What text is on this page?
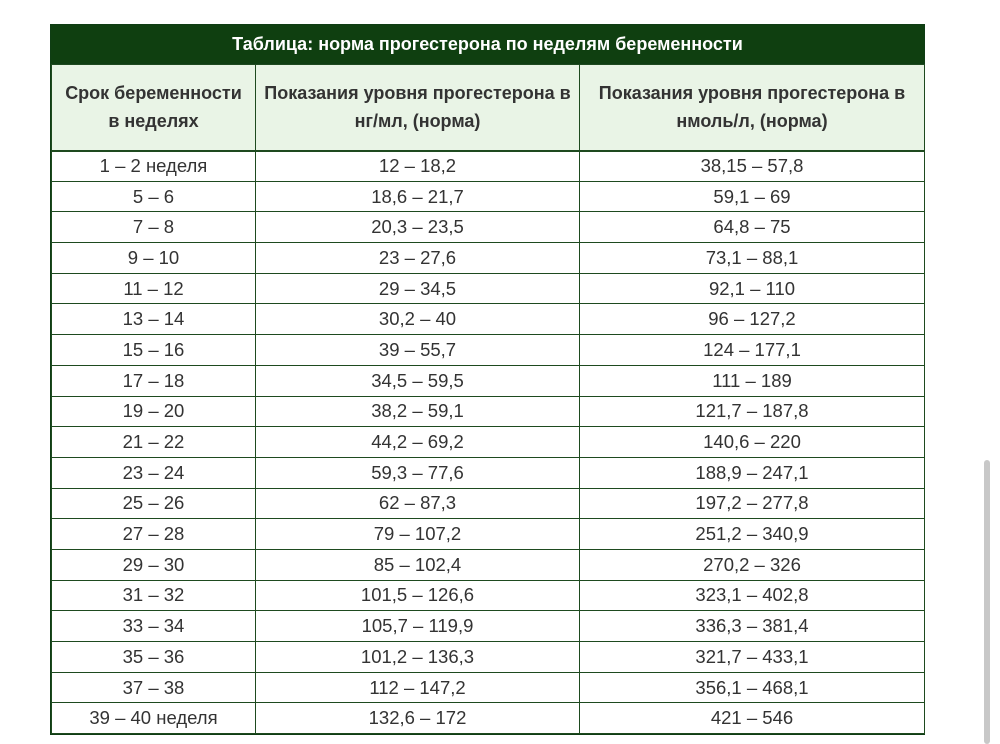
Таблица: норма прогестерона по неделям беременности
Срок беременности в неделях	Показания уровня прогестерона в нг/мл, (норма)	Показания уровня прогестерона в нмоль/л, (норма)
1 – 2 неделя	12 – 18,2	38,15 – 57,8
5 – 6	18,6 – 21,7	59,1 – 69
7 – 8	20,3 – 23,5	64,8 – 75
9 – 10	23 – 27,6	73,1 – 88,1
11 – 12	29 – 34,5	92,1 – 110
13 – 14	30,2 – 40	96 – 127,2
15 – 16	39 – 55,7	124 – 177,1
17 – 18	34,5 – 59,5	111 – 189
19 – 20	38,2 – 59,1	121,7 – 187,8
21 – 22	44,2 – 69,2	140,6 – 220
23 – 24	59,3 – 77,6	188,9 – 247,1
25 – 26	62 – 87,3	197,2 – 277,8
27 – 28	79 – 107,2	251,2 – 340,9
29 – 30	85 – 102,4	270,2 – 326
31 – 32	101,5 – 126,6	323,1 – 402,8
33 – 34	105,7 – 119,9	336,3 – 381,4
35 – 36	101,2 – 136,3	321,7 – 433,1
37 – 38	112 – 147,2	356,1 – 468,1
39 – 40 неделя	132,6 – 172	421 – 546
